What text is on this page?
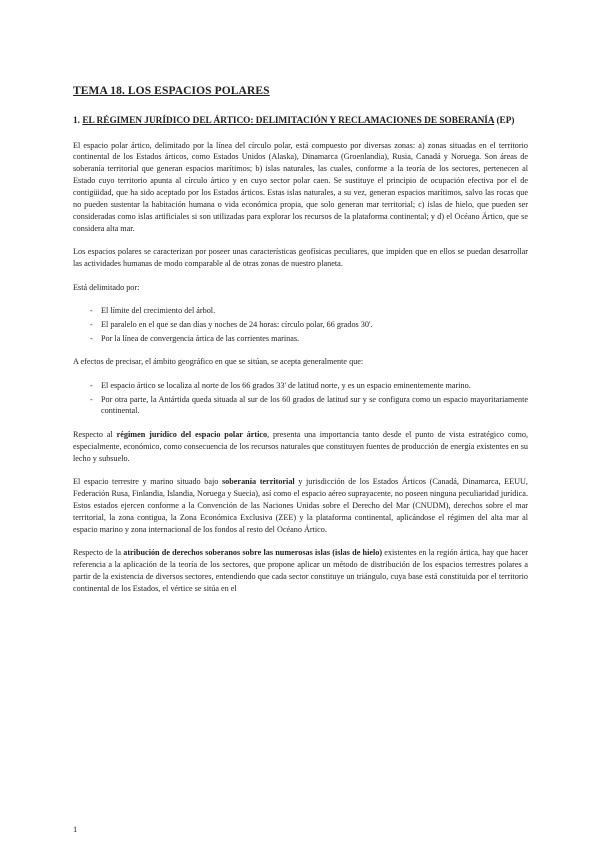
TEMA 18. LOS ESPACIOS POLARES
1. EL RÉGIMEN JURÍDICO DEL ÁRTICO: DELIMITACIÓN Y RECLAMACIONES DE SOBERANÍA (EP)

El espacio polar ártico, delimitado por la línea del círculo polar, está compuesto por diversas zonas: a) zonas situadas en el territorio continental de los Estados árticos, como Estados Unidos (Alaska), Dinamarca (Groenlandia), Rusia, Canadá y Noruega. Son áreas de soberanía territorial que generan espacios marítimos; b) islas naturales, las cuales, conforme a la teoría de los sectores, pertenecen al Estado cuyo territorio apunta al círculo ártico y en cuyo sector polar caen. Se sustituye el principio de ocupación efectiva por el de contigüidad, que ha sido aceptado por los Estados árticos. Estas islas naturales, a su vez, generan espacios marítimos, salvo las rocas que no pueden sustentar la habitación humana o vida económica propia, que solo generan mar territorial; c) islas de hielo, que pueden ser consideradas como islas artificiales si son utilizadas para explorar los recursos de la plataforma continental; y d) el Océano Ártico, que se considera alta mar.

Los espacios polares se caracterizan por poseer unas características geofísicas peculiares, que impiden que en ellos se puedan desarrollar las actividades humanas de modo comparable al de otras zonas de nuestro planeta.

Está delimitado por:

-	El límite del crecimiento del árbol.
-	El paralelo en el que se dan días y noches de 24 horas: círculo polar, 66 grados 30'.
-	Por la línea de convergencia ártica de las corrientes marinas.

A efectos de precisar, el ámbito geográfico en que se sitúan, se acepta generalmente que:

-	El espacio ártico se localiza al norte de los 66 grados 33' de latitud norte, y es un espacio eminentemente marino.
-	Por otra parte, la Antártida queda situada al sur de los 60 grados de latitud sur y se configura como un espacio mayoritariamente continental.

Respecto al régimen jurídico del espacio polar ártico, presenta una importancia tanto desde el punto de vista estratégico como, especialmente, económico, como consecuencia de los recursos naturales que constituyen fuentes de producción de energía existentes en su lecho y subsuelo.

El espacio terrestre y marino situado bajo soberanía territorial y jurisdicción de los Estados Árticos (Canadá, Dinamarca, EEUU, Federación Rusa, Finlandia, Islandia, Noruega y Suecia), así como el espacio aéreo suprayacente, no poseen ninguna peculiaridad jurídica. Estos estados ejercen conforme a la Convención de las Naciones Unidas sobre el Derecho del Mar (CNUDM), derechos sobre el mar territorial, la zona contigua, la Zona Económica Exclusiva (ZEE) y la plataforma continental, aplicándose el régimen del alta mar al espacio marino y zona internacional de los fondos al resto del Océano Ártico.

Respecto de la atribución de derechos soberanos sobre las numerosas islas (islas de hielo) existentes en la región ártica, hay que hacer referencia a la aplicación de la teoría de los sectores, que propone aplicar un método de distribución de los espacios terrestres polares a partir de la existencia de diversos sectores, entendiendo que cada sector constituye un triángulo, cuya base está constituida por el territorio continental de los Estados, el vértice se sitúa en el

1
